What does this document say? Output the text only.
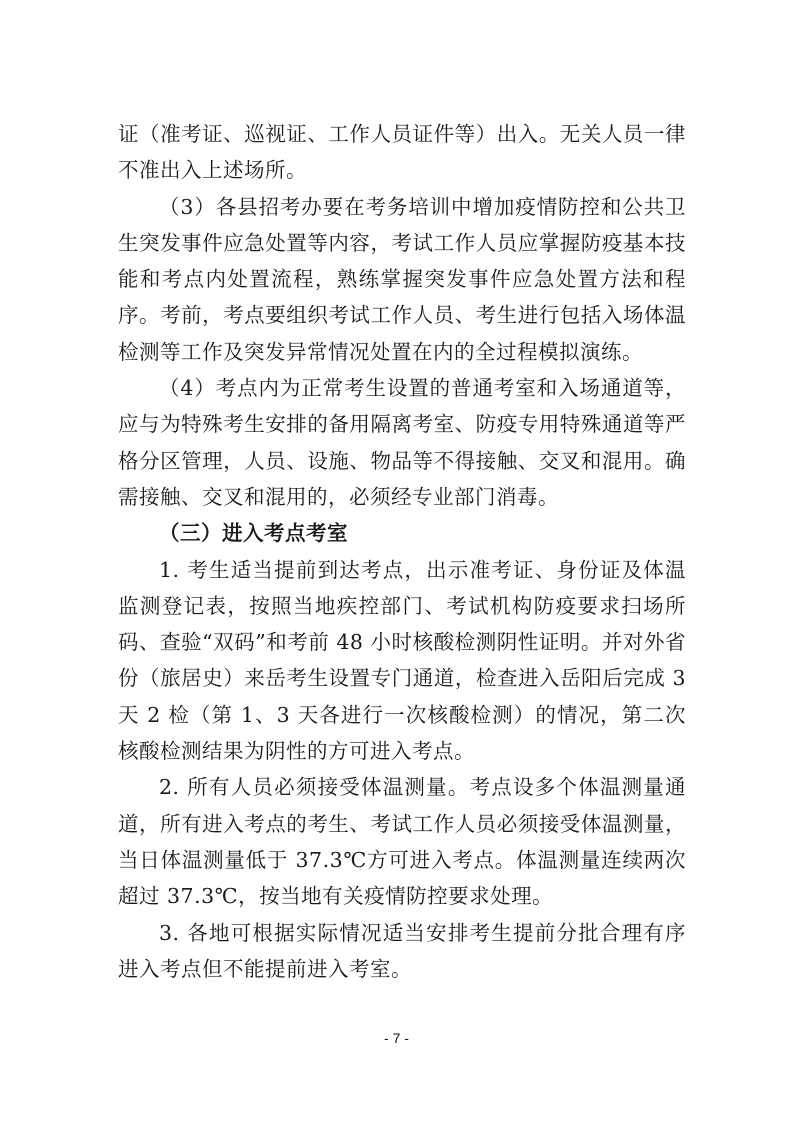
证（准考证、巡视证、工作人员证件等）出入。无关人员一律不准出入上述场所。

（3）各县招考办要在考务培训中增加疫情防控和公共卫生突发事件应急处置等内容，考试工作人员应掌握防疫基本技能和考点内处置流程，熟练掌握突发事件应急处置方法和程序。考前，考点要组织考试工作人员、考生进行包括入场体温检测等工作及突发异常情况处置在内的全过程模拟演练。

（4）考点内为正常考生设置的普通考室和入场通道等，应与为特殊考生安排的备用隔离考室、防疫专用特殊通道等严格分区管理，人员、设施、物品等不得接触、交叉和混用。确需接触、交叉和混用的，必须经专业部门消毒。

（三）进入考点考室

1. 考生适当提前到达考点，出示准考证、身份证及体温监测登记表，按照当地疾控部门、考试机构防疫要求扫场所码、查验“双码”和考前 48 小时核酸检测阴性证明。并对外省份（旅居史）来岳考生设置专门通道，检查进入岳阳后完成 3 天 2 检（第 1、3 天各进行一次核酸检测）的情况，第二次核酸检测结果为阴性的方可进入考点。

2. 所有人员必须接受体温测量。考点设多个体温测量通道，所有进入考点的考生、考试工作人员必须接受体温测量，当日体温测量低于 37.3℃方可进入考点。体温测量连续两次超过 37.3℃，按当地有关疫情防控要求处理。

3. 各地可根据实际情况适当安排考生提前分批合理有序进入考点但不能提前进入考室。

- 7 -
